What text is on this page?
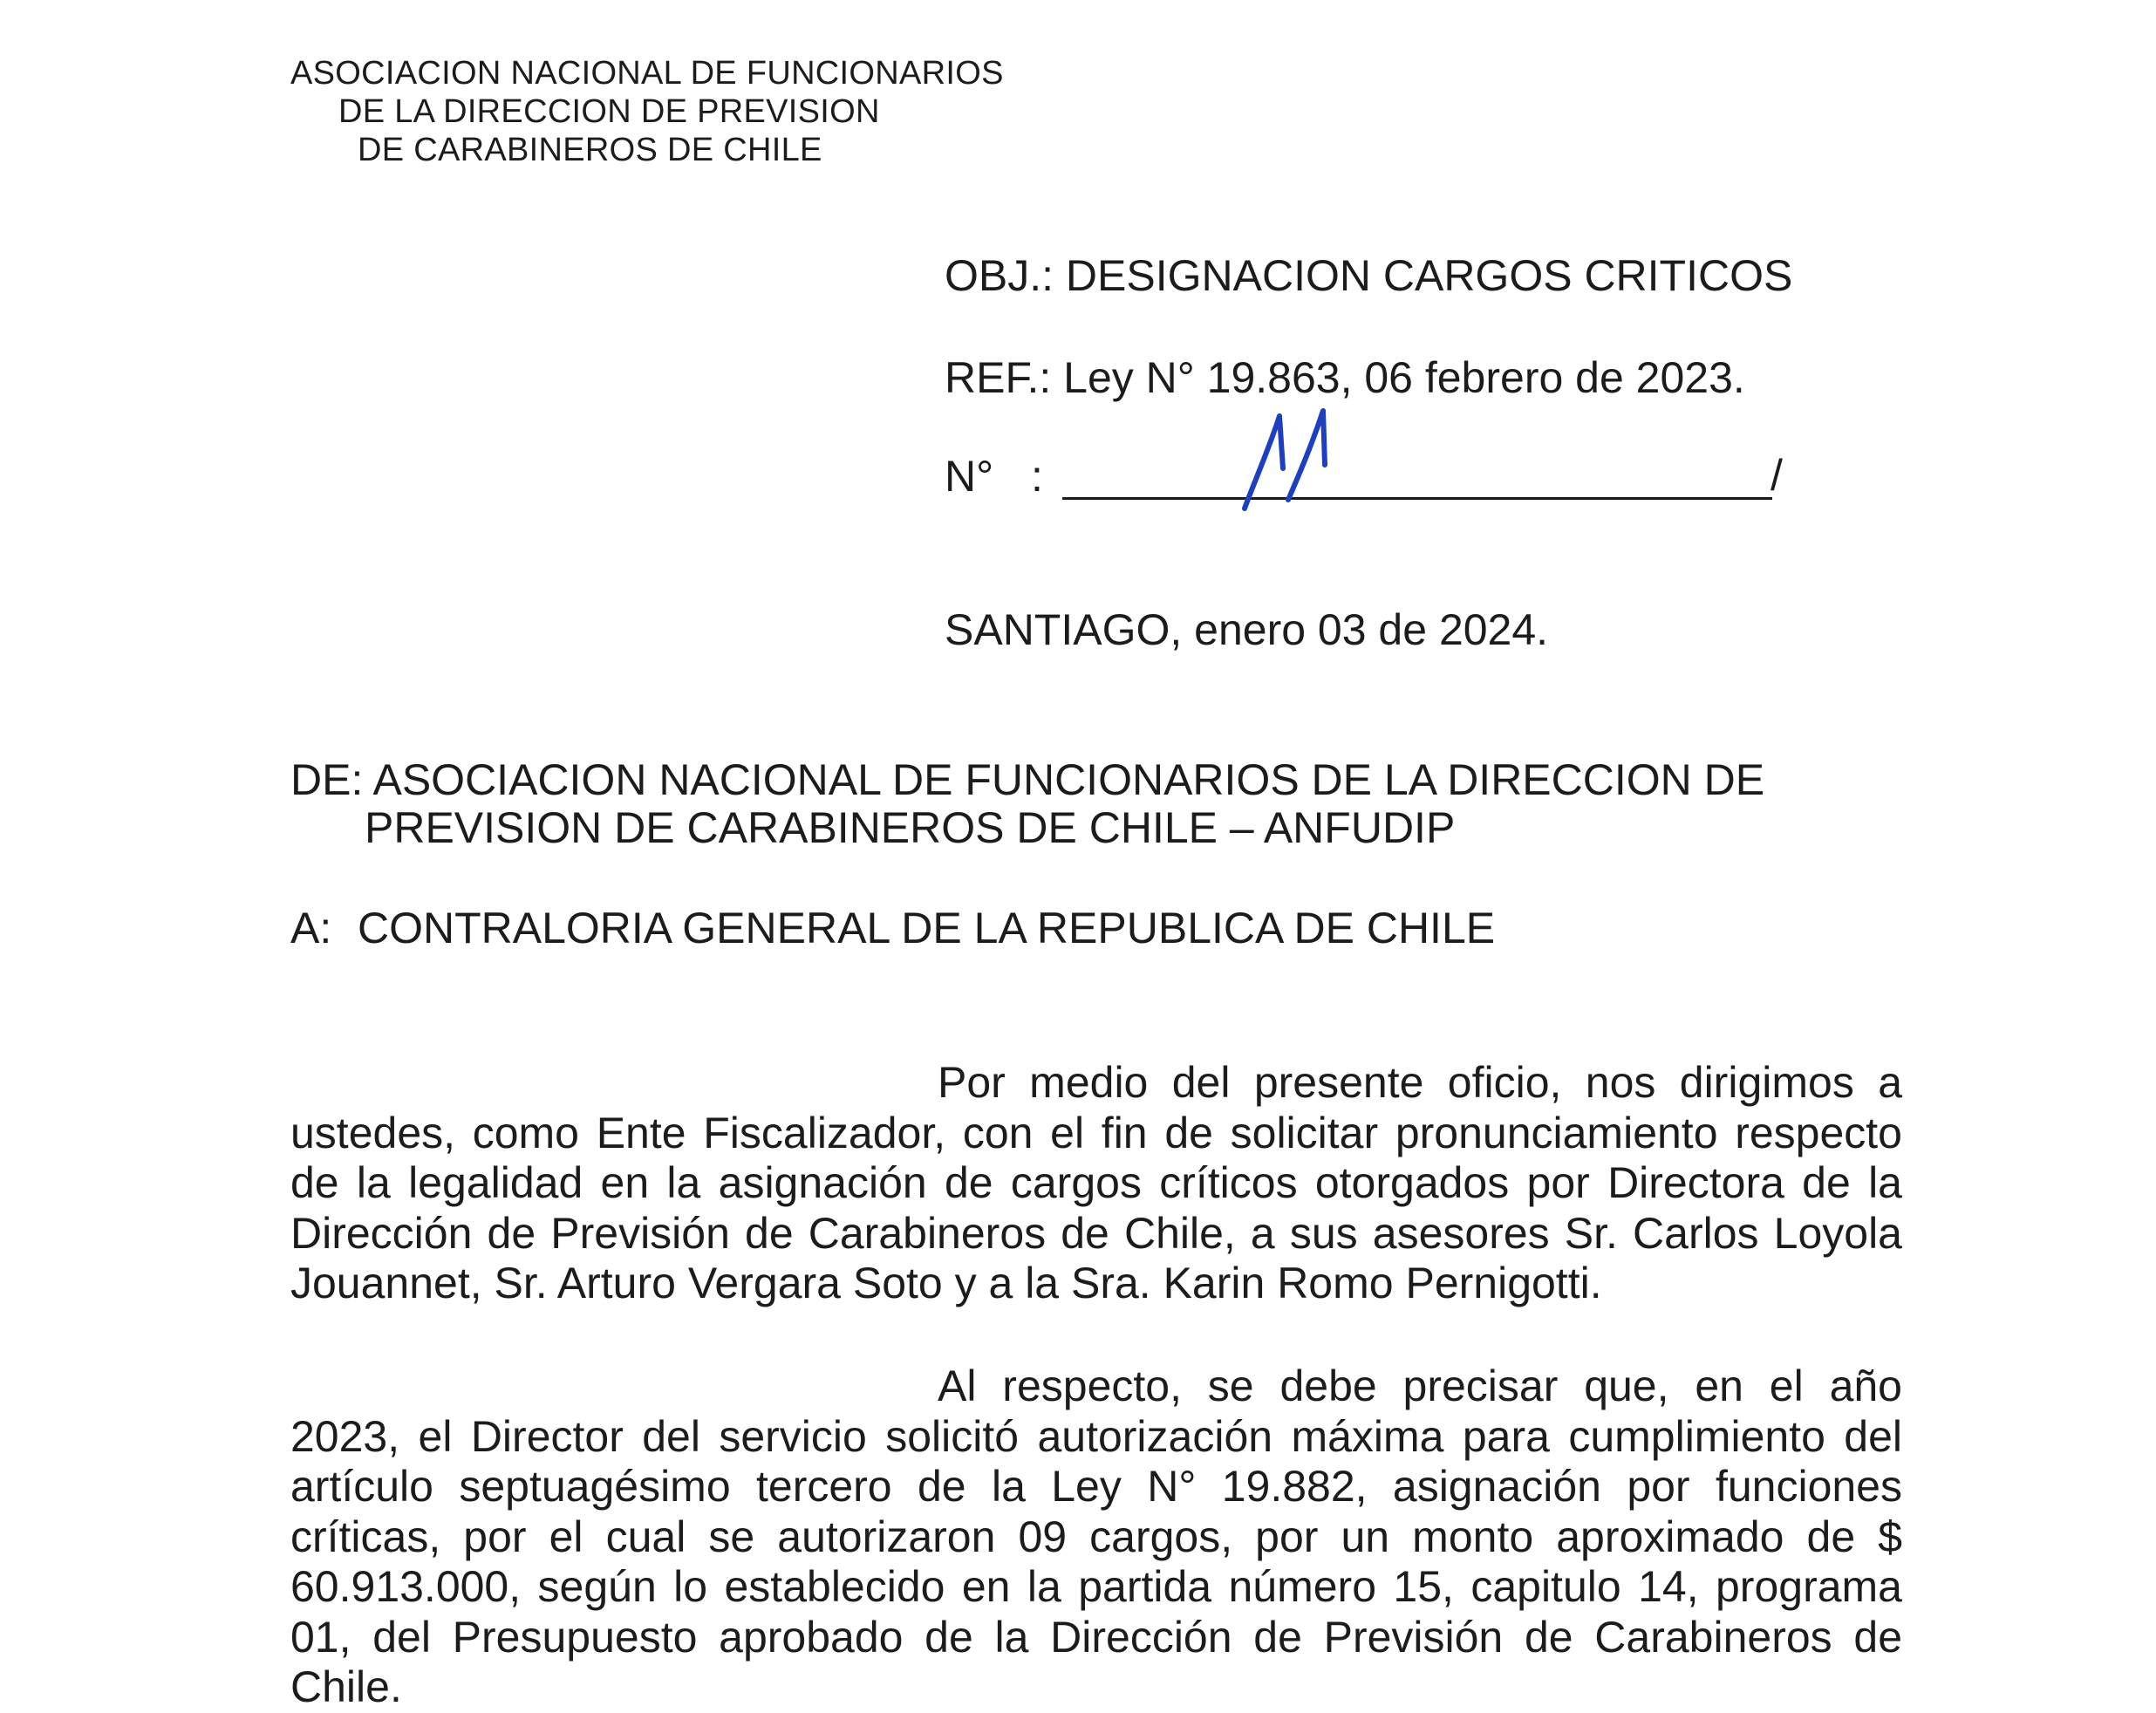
ASOCIACION NACIONAL DE FUNCIONARIOS
DE LA DIRECCION DE PREVISION
DE CARABINEROS DE CHILE
OBJ.: DESIGNACION CARGOS CRITICOS
REF.: Ley N° 19.863, 06 febrero de 2023.
N° :	/
SANTIAGO, enero 03 de 2024.
DE: ASOCIACION NACIONAL DE FUNCIONARIOS DE LA DIRECCION DE
PREVISION DE CARABINEROS DE CHILE – ANFUDIP
A: CONTRALORIA GENERAL DE LA REPUBLICA DE CHILE
Por medio del presente oficio, nos dirigimos a ustedes, como Ente Fiscalizador, con el fin de solicitar pronunciamiento respecto de la legalidad en la asignación de cargos críticos otorgados por Directora de la Dirección de Previsión de Carabineros de Chile, a sus asesores Sr. Carlos Loyola Jouannet, Sr. Arturo Vergara Soto y a la Sra. Karin Romo Pernigotti.
Al respecto, se debe precisar que, en el año 2023, el Director del servicio solicitó autorización máxima para cumplimiento del artículo septuagésimo tercero de la Ley N° 19.882, asignación por funciones críticas, por el cual se autorizaron 09 cargos, por un monto aproximado de $ 60.913.000, según lo establecido en la partida número 15, capitulo 14, programa 01, del Presupuesto aprobado de la Dirección de Previsión de Carabineros de Chile.
